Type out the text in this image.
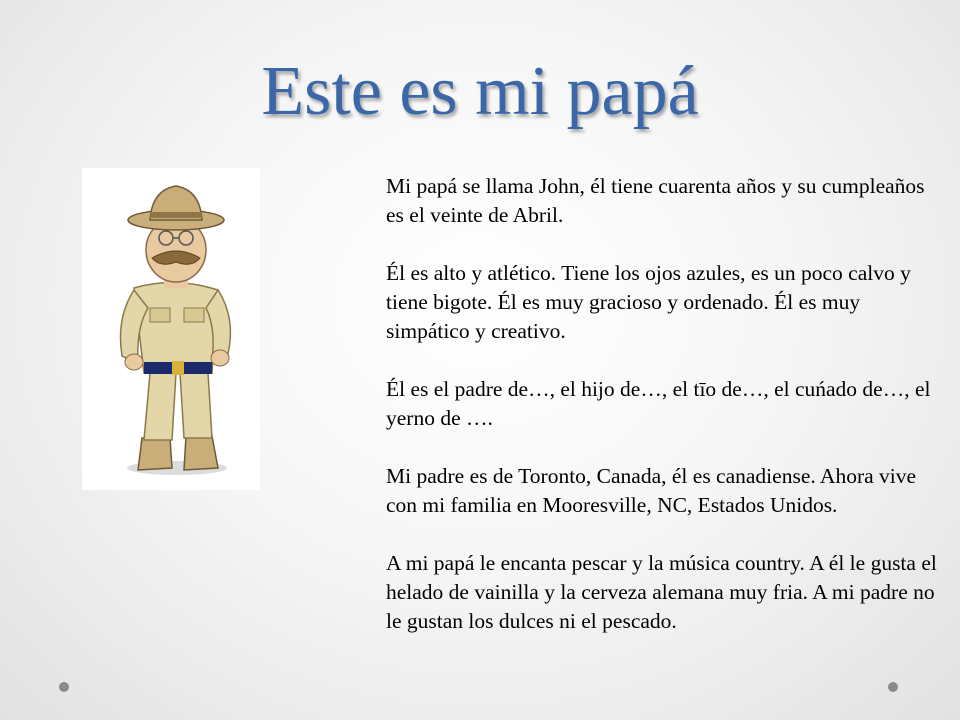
Este es mi papá

Mi papá se llama John, él tiene cuarenta años y su cumpleaños es el veinte de Abril.

Él es alto y atlético. Tiene los ojos azules, es un poco calvo y tiene bigote. Él es muy gracioso y ordenado. Él es muy simpático y creativo.

Él es el padre de…, el hijo de…, el tīo de…, el cuńado de…, el yerno de ….

Mi padre es de Toronto, Canada, él es canadiense. Ahora vive con mi familia en Mooresville, NC, Estados Unidos.

A mi papá le encanta pescar y la música country. A él le gusta el helado de vainilla y la cerveza alemana muy fria. A mi padre no le gustan los dulces ni el pescado.
